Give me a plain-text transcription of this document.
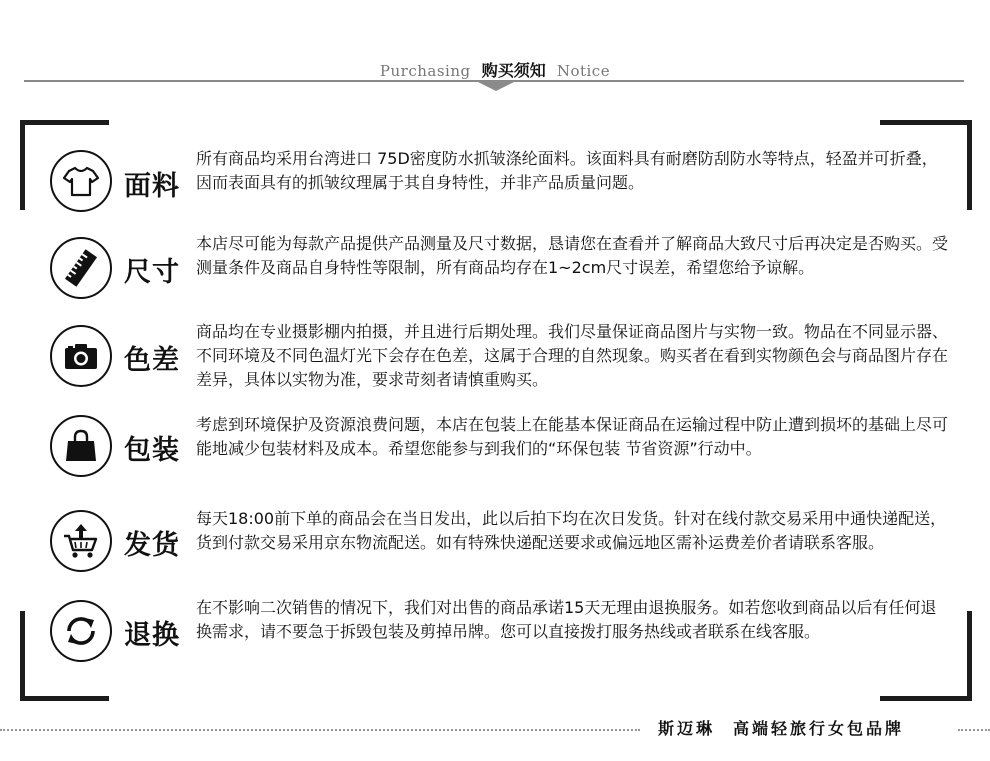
Purchasing 购买须知 Notice
面料
所有商品均采用台湾进口 75D密度防水抓皱涤纶面料。该面料具有耐磨防刮防水等特点，轻盈并可折叠，因而表面具有的抓皱纹理属于其自身特性，并非产品质量问题。
尺寸
本店尽可能为每款产品提供产品测量及尺寸数据，恳请您在查看并了解商品大致尺寸后再决定是否购买。受测量条件及商品自身特性等限制，所有商品均存在1~2cm尺寸误差，希望您给予谅解。
色差
商品均在专业摄影棚内拍摄，并且进行后期处理。我们尽量保证商品图片与实物一致。物品在不同显示器、不同环境及不同色温灯光下会存在色差，这属于合理的自然现象。购买者在看到实物颜色会与商品图片存在差异，具体以实物为准，要求苛刻者请慎重购买。
包装
考虑到环境保护及资源浪费问题，本店在包装上在能基本保证商品在运输过程中防止遭到损坏的基础上尽可能地减少包装材料及成本。希望您能参与到我们的“环保包装 节省资源”行动中。
发货
每天18:00前下单的商品会在当日发出，此以后拍下均在次日发货。针对在线付款交易采用中通快递配送，货到付款交易采用京东物流配送。如有特殊快递配送要求或偏远地区需补运费差价者请联系客服。
退换
在不影响二次销售的情况下，我们对出售的商品承诺15天无理由退换服务。如若您收到商品以后有任何退换需求，请不要急于拆毁包装及剪掉吊牌。您可以直接拨打服务热线或者联系在线客服。
斯迈琳 高端轻旅行女包品牌
